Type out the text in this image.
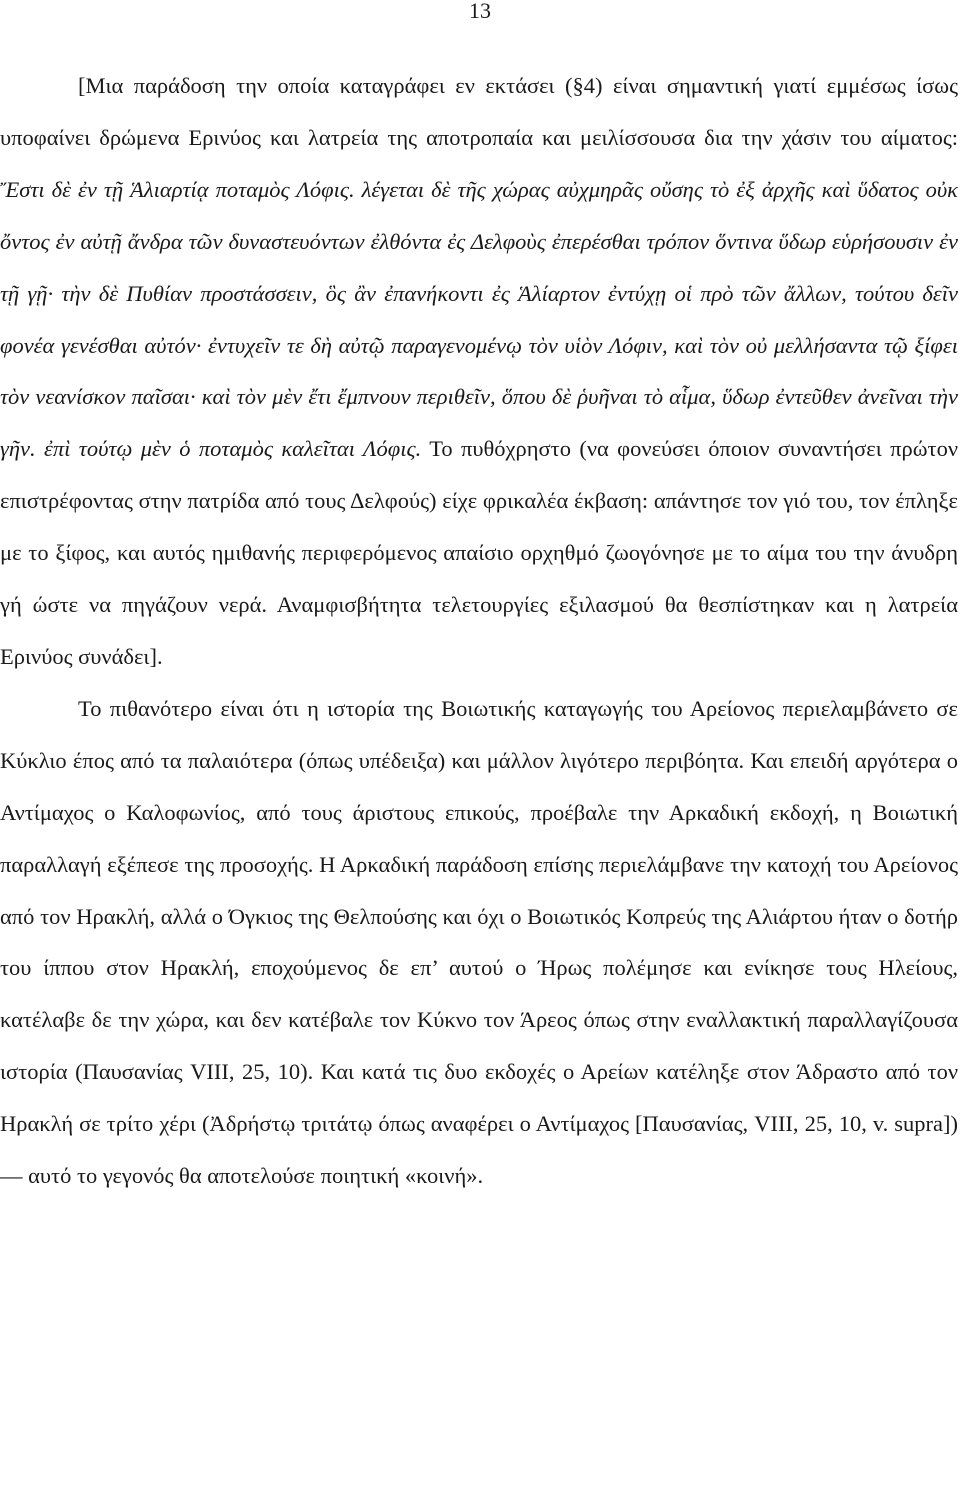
13

[Μια παράδοση την οποία καταγράφει εν εκτάσει (§4) είναι σημαντική γιατί εμμέσως ίσως υποφαίνει δρώμενα Ερινύος και λατρεία της αποτροπαία και μειλίσσουσα δια την χάσιν του αίματος: Ἔστι δὲ ἐν τῇ Ἁλιαρτίᾳ ποταμὸς Λόφις. λέγεται δὲ τῆς χώρας αὐχμηρᾶς οὔσης τὸ ἐξ ἀρχῆς καὶ ὕδατος οὐκ ὄντος ἐν αὐτῇ ἄνδρα τῶν δυναστευόντων ἐλθόντα ἐς Δελφοὺς ἐπερέσθαι τρόπον ὅντινα ὕδωρ εὑρήσουσιν ἐν τῇ γῇ· τὴν δὲ Πυθίαν προστάσσειν, ὃς ἂν ἐπανήκοντι ἐς Ἁλίαρτον ἐντύχῃ οἱ πρὸ τῶν ἄλλων, τούτου δεῖν φονέα γενέσθαι αὐτόν· ἐντυχεῖν τε δὴ αὐτῷ παραγενομένῳ τὸν υἱὸν Λόφιν, καὶ τὸν οὐ μελλήσαντα τῷ ξίφει τὸν νεανίσκον παῖσαι· καὶ τὸν μὲν ἔτι ἔμπνουν περιθεῖν, ὅπου δὲ ῥυῆναι τὸ αἷμα, ὕδωρ ἐντεῦθεν ἀνεῖναι τὴν γῆν. ἐπὶ τούτῳ μὲν ὁ ποταμὸς καλεῖται Λόφις. Το πυθόχρηστο (να φονεύσει όποιον συναντήσει πρώτον επιστρέφοντας στην πατρίδα από τους Δελφούς) είχε φρικαλέα έκβαση: απάντησε τον γιό του, τον έπληξε με το ξίφος, και αυτός ημιθανής περιφερόμενος απαίσιο ορχηθμό ζωογόνησε με το αίμα του την άνυδρη γή ώστε να πηγάζουν νερά. Αναμφισβήτητα τελετουργίες εξιλασμού θα θεσπίστηκαν και η λατρεία Ερινύος συνάδει].

Το πιθανότερο είναι ότι η ιστορία της Βοιωτικής καταγωγής του Αρείονος περιελαμβάνετο σε Κύκλιο έπος από τα παλαιότερα (όπως υπέδειξα) και μάλλον λιγότερο περιβόητα. Και επειδή αργότερα ο Αντίμαχος ο Καλοφωνίος, από τους άριστους επικούς, προέβαλε την Αρκαδική εκδοχή, η Βοιωτική παραλλαγή εξέπεσε της προσοχής. Η Αρκαδική παράδοση επίσης περιελάμβανε την κατοχή του Αρείονος από τον Ηρακλή, αλλά ο Όγκιος της Θελπούσης και όχι ο Βοιωτικός Κοπρεύς της Αλιάρτου ήταν ο δοτήρ του ίππου στον Ηρακλή, εποχούμενος δε επ’ αυτού ο Ήρως πολέμησε και ενίκησε τους Ηλείους, κατέλαβε δε την χώρα, και δεν κατέβαλε τον Κύκνο τον Άρεος όπως στην εναλλακτική παραλλαγίζουσα ιστορία (Παυσανίας VIII, 25, 10). Και κατά τις δυο εκδοχές ο Αρείων κατέληξε στον Άδραστο από τον Ηρακλή σε τρίτο χέρι (Ἀδρήστῳ τριτάτῳ όπως αναφέρει ο Αντίμαχος [Παυσανίας, VIII, 25, 10, v. supra]) — αυτό το γεγονός θα αποτελούσε ποιητική «κοινή».
